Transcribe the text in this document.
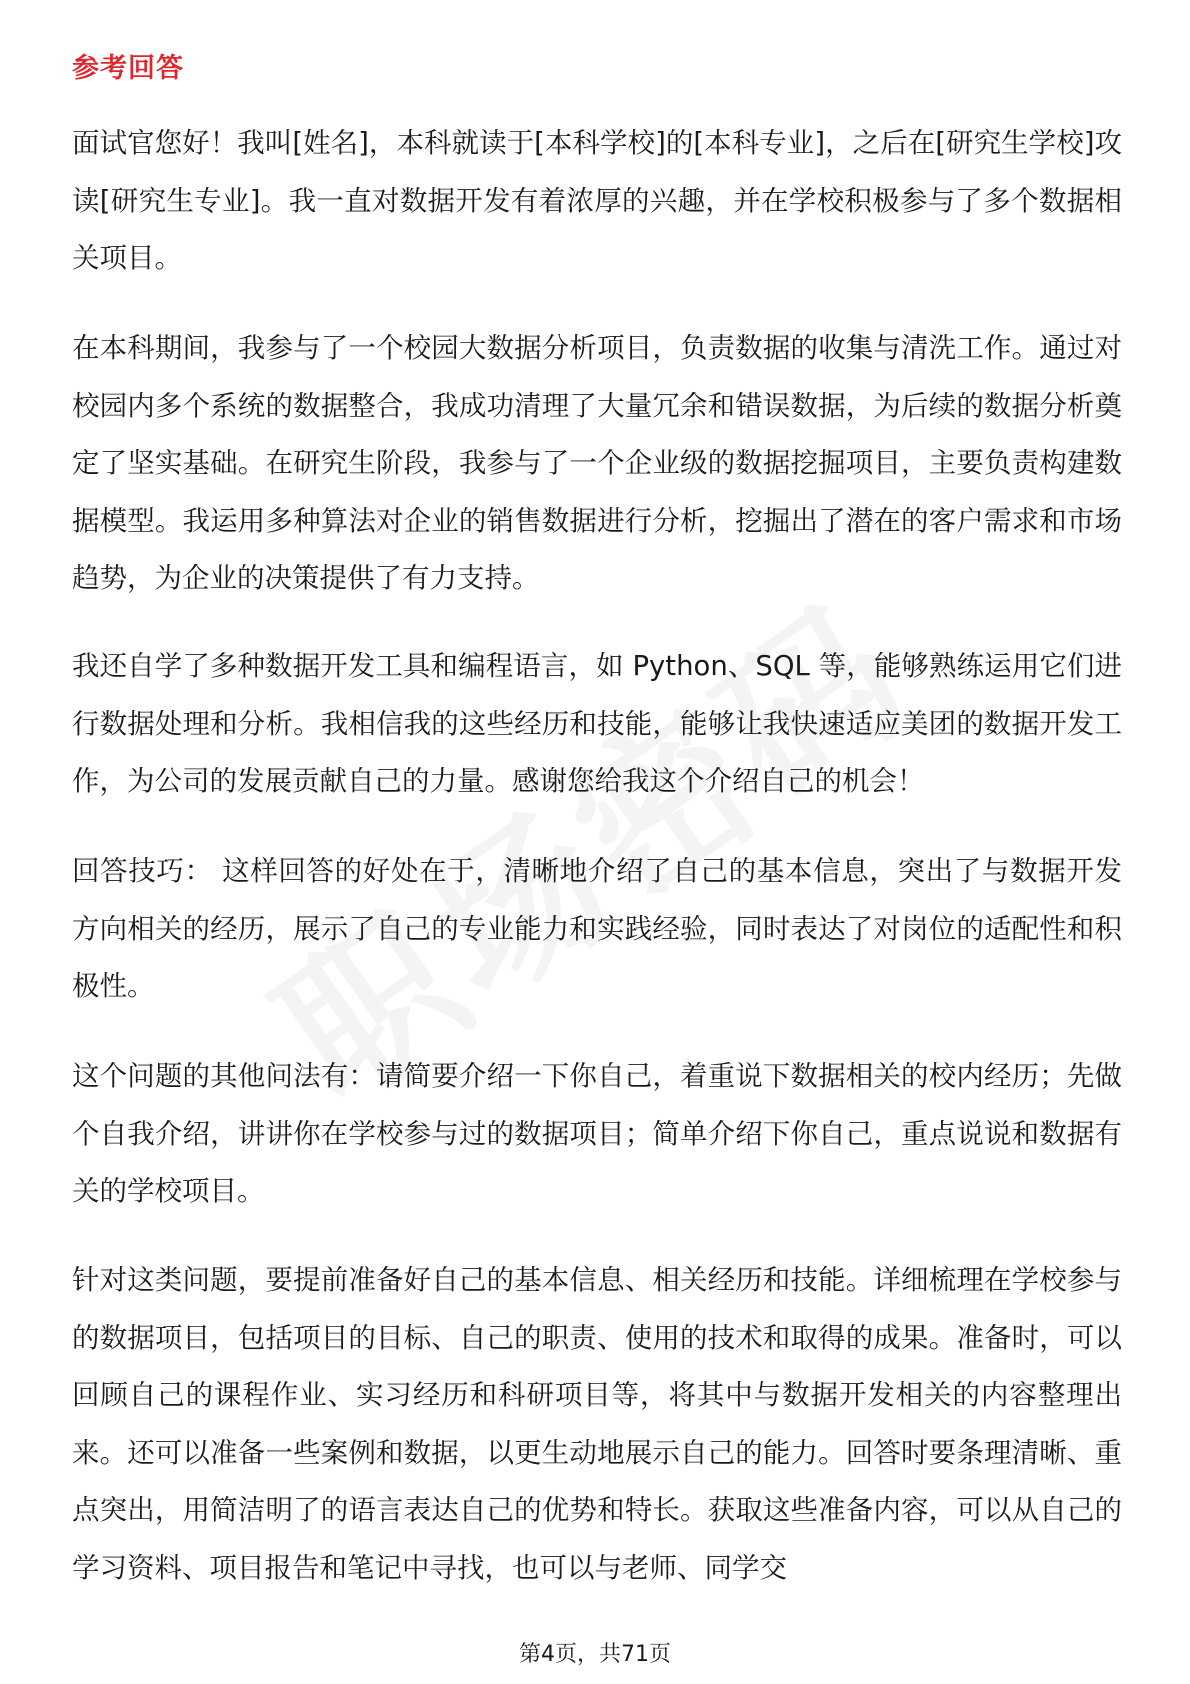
参考回答

面试官您好！我叫[姓名]，本科就读于[本科学校]的[本科专业]，之后在[研究生学校]攻读[研究生专业]。我一直对数据开发有着浓厚的兴趣，并在学校积极参与了多个数据相关项目。

在本科期间，我参与了一个校园大数据分析项目，负责数据的收集与清洗工作。通过对校园内多个系统的数据整合，我成功清理了大量冗余和错误数据，为后续的数据分析奠定了坚实基础。在研究生阶段，我参与了一个企业级的数据挖掘项目，主要负责构建数据模型。我运用多种算法对企业的销售数据进行分析，挖掘出了潜在的客户需求和市场趋势，为企业的决策提供了有力支持。

我还自学了多种数据开发工具和编程语言，如 Python、SQL 等，能够熟练运用它们进行数据处理和分析。我相信我的这些经历和技能，能够让我快速适应美团的数据开发工作，为公司的发展贡献自己的力量。感谢您给我这个介绍自己的机会！

回答技巧： 这样回答的好处在于，清晰地介绍了自己的基本信息，突出了与数据开发方向相关的经历，展示了自己的专业能力和实践经验，同时表达了对岗位的适配性和积极性。

这个问题的其他问法有：请简要介绍一下你自己，着重说下数据相关的校内经历；先做个自我介绍，讲讲你在学校参与过的数据项目；简单介绍下你自己，重点说说和数据有关的学校项目。

针对这类问题，要提前准备好自己的基本信息、相关经历和技能。详细梳理在学校参与的数据项目，包括项目的目标、自己的职责、使用的技术和取得的成果。准备时，可以回顾自己的课程作业、实习经历和科研项目等，将其中与数据开发相关的内容整理出来。还可以准备一些案例和数据，以更生动地展示自己的能力。回答时要条理清晰、重点突出，用简洁明了的语言表达自己的优势和特长。获取这些准备内容，可以从自己的学习资料、项目报告和笔记中寻找，也可以与老师、同学交

第4页，共71页
